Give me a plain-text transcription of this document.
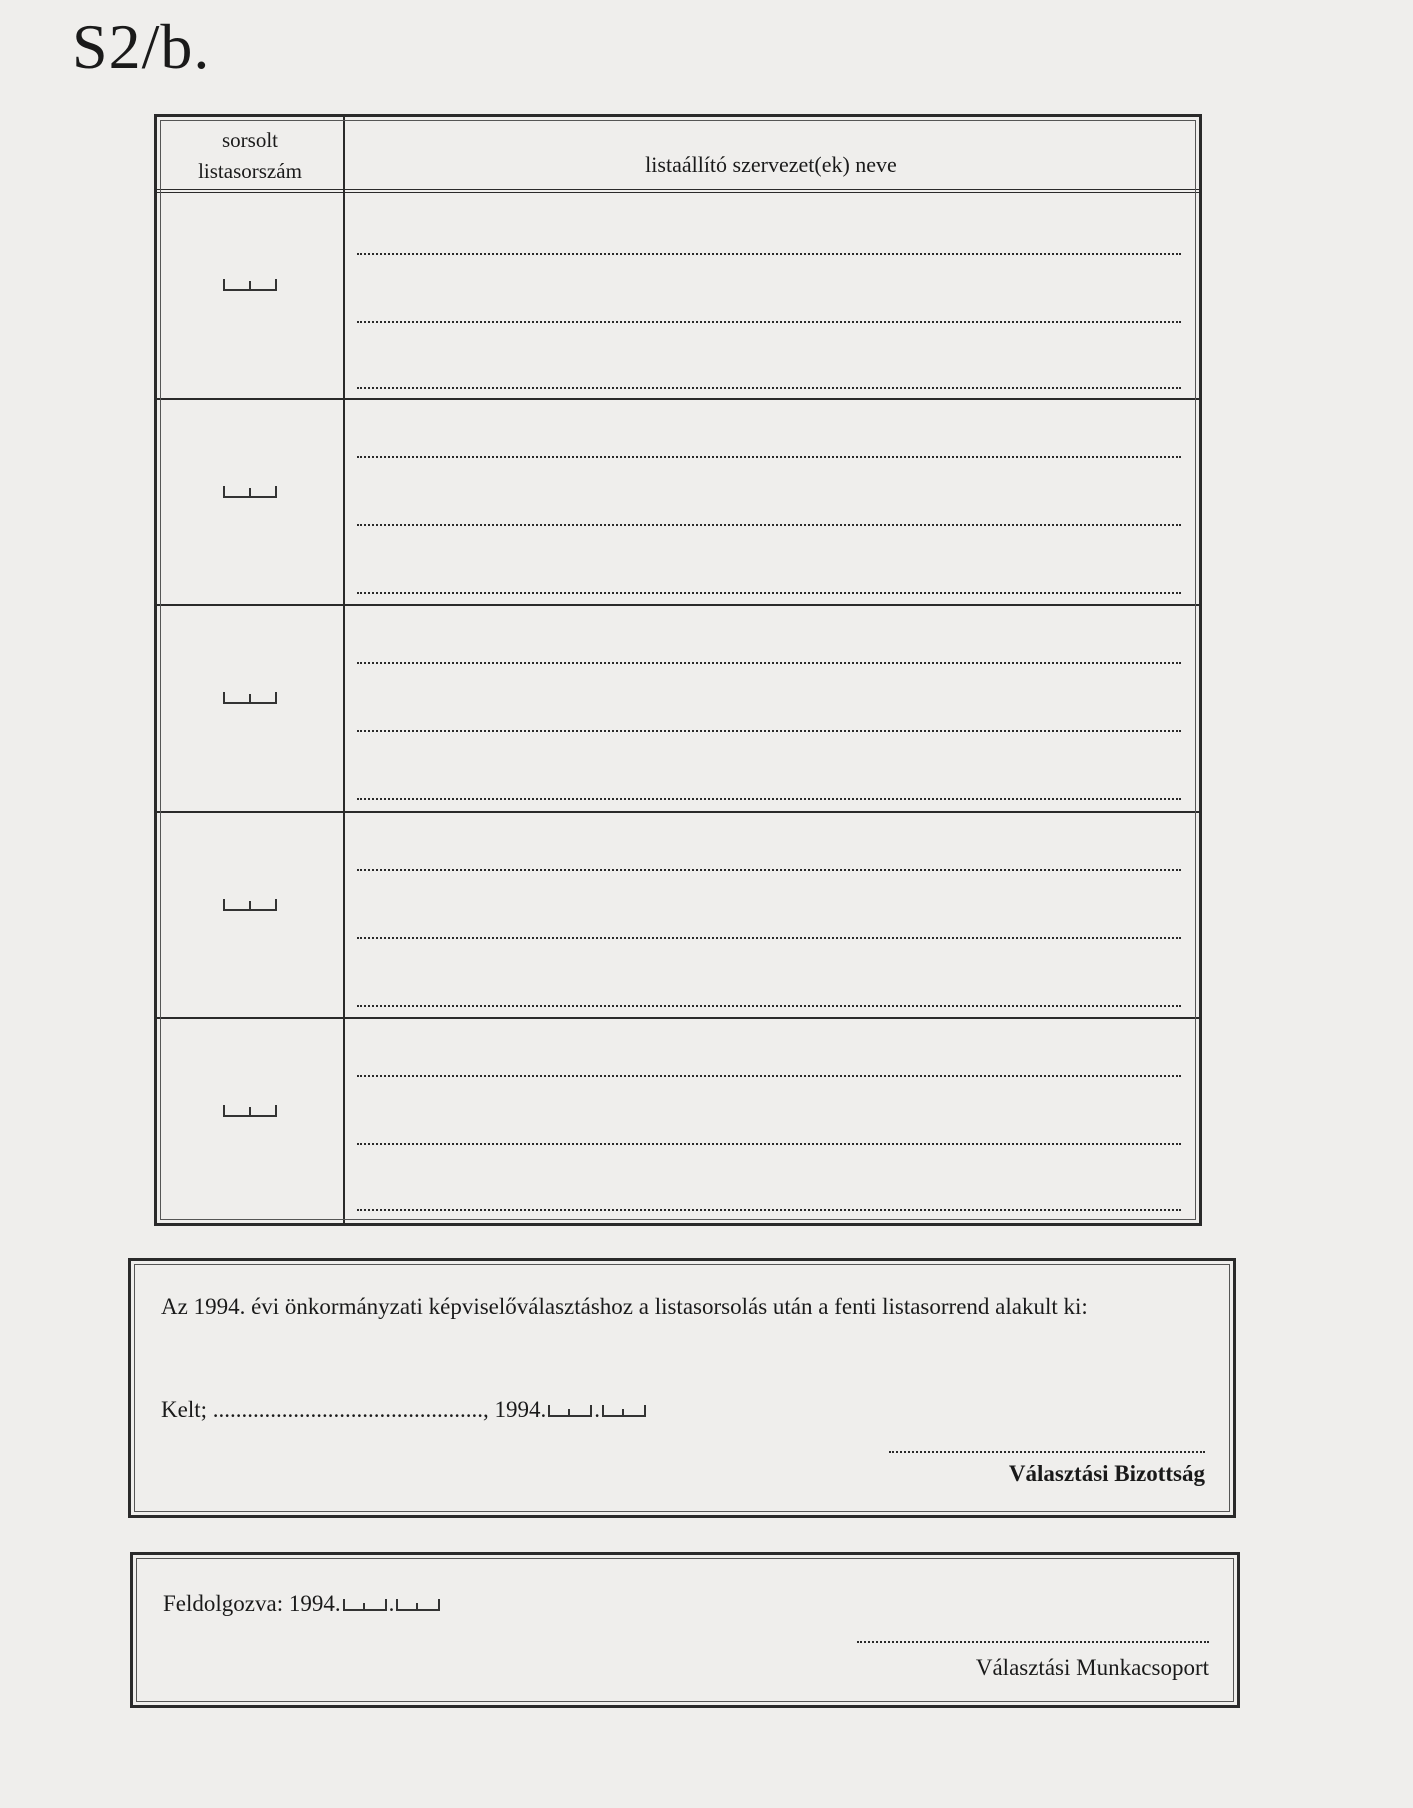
S2/b.
sorsolt
listasorszám	listaállító szervezet(ek) neve
Az 1994. évi önkormányzati képviselőválasztáshoz a listasorsolás után a fenti listasorrend alakult ki:
Kelt; ..............................................., 1994. .
Választási Bizottság
Feldolgozva: 1994. .
Választási Munkacsoport
